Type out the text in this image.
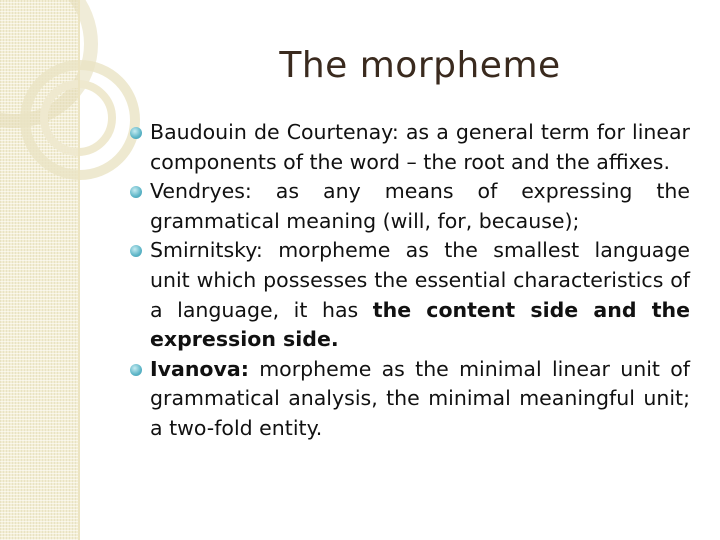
The morpheme
Baudouin de Courtenay: as a general term for linear components of the word – the root and the affixes.
Vendryes: as any means of expressing the grammatical meaning (will, for, because);
Smirnitsky: morpheme as the smallest language unit which possesses the essential characteristics of a language, it has the content side and the expression side.
Ivanova: morpheme as the minimal linear unit of grammatical analysis, the minimal meaningful unit; a two-fold entity.
